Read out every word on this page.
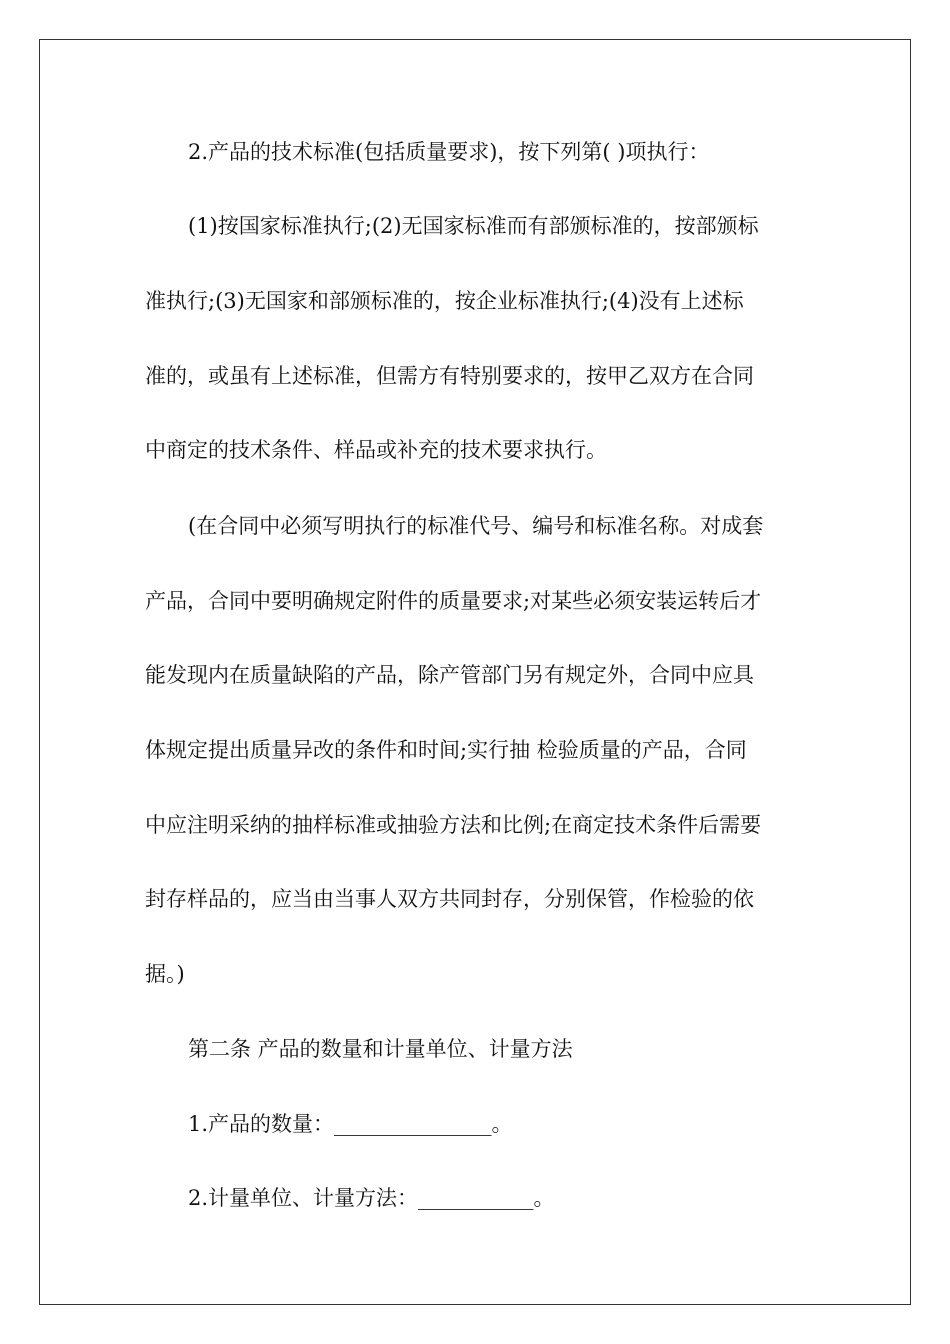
2.产品的技术标准(包括质量要求)，按下列第( )项执行：
(1)按国家标准执行;(2)无国家标准而有部颁标准的，按部颁标
准执行;(3)无国家和部颁标准的，按企业标准执行;(4)没有上述标
准的，或虽有上述标准，但需方有特别要求的，按甲乙双方在合同
中商定的技术条件、样品或补充的技术要求执行。
(在合同中必须写明执行的标准代号、编号和标准名称。对成套
产品，合同中要明确规定附件的质量要求;对某些必须安装运转后才
能发现内在质量缺陷的产品，除产管部门另有规定外，合同中应具
体规定提出质量异改的条件和时间;实行抽 检验质量的产品，合同
中应注明采纳的抽样标准或抽验方法和比例;在商定技术条件后需要
封存样品的，应当由当事人双方共同封存，分别保管，作检验的依
据。)
第二条 产品的数量和计量单位、计量方法
1.产品的数量：_______________。
2.计量单位、计量方法：___________。
